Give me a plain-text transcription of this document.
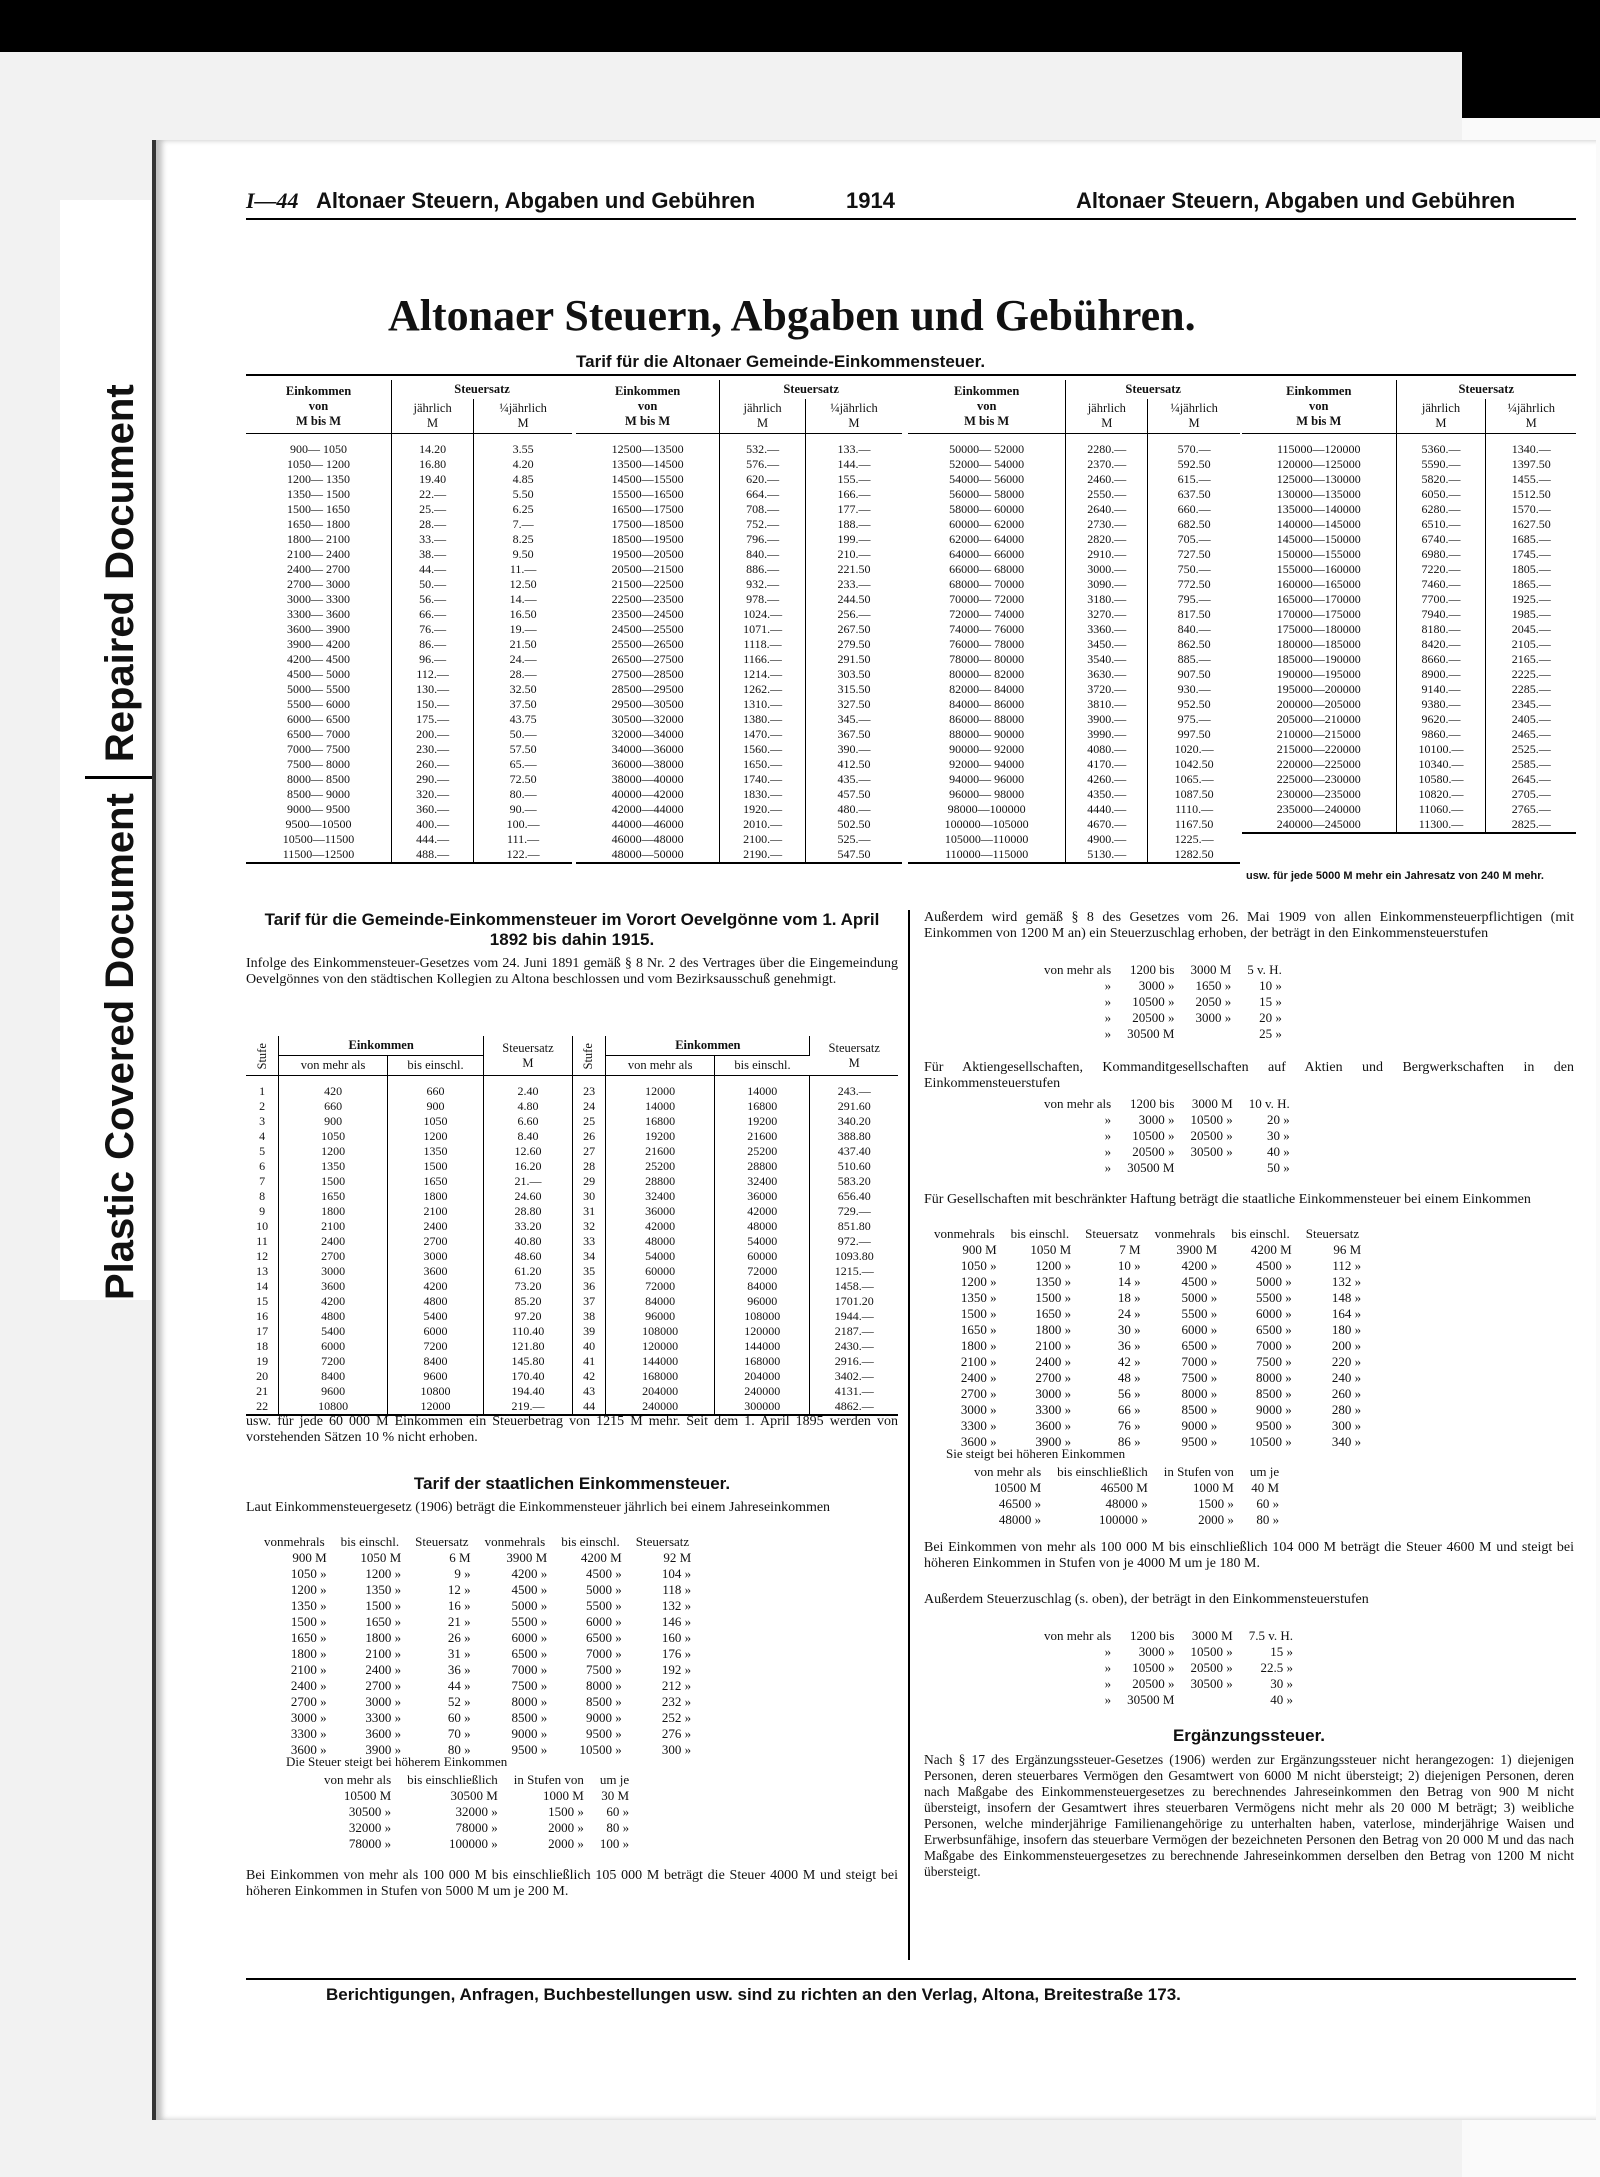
Plastic Covered Document
Repaired Document
I—44 Altonaer Steuern, Abgaben und Gebühren	1914	Altonaer Steuern, Abgaben und Gebühren
Altonaer Steuern, Abgaben und Gebühren.
Tarif für die Altonaer Gemeinde-Einkommensteuer.
Einkommen
von
M bis M	Steuersatz	
	jährlich
M	¼jährlich
M
900— 1050	14.20	3.55
1050— 1200	16.80	4.20
1200— 1350	19.40	4.85
1350— 1500	22.—	5.50
1500— 1650	25.—	6.25
1650— 1800	28.—	7.—
1800— 2100	33.—	8.25
2100— 2400	38.—	9.50
2400— 2700	44.—	11.—
2700— 3000	50.—	12.50
3000— 3300	56.—	14.—
3300— 3600	66.—	16.50
3600— 3900	76.—	19.—
3900— 4200	86.—	21.50
4200— 4500	96.—	24.—
4500— 5000	112.—	28.—
5000— 5500	130.—	32.50
5500— 6000	150.—	37.50
6000— 6500	175.—	43.75
6500— 7000	200.—	50.—
7000— 7500	230.—	57.50
7500— 8000	260.—	65.—
8000— 8500	290.—	72.50
8500— 9000	320.—	80.—
9000— 9500	360.—	90.—
9500—10500	400.—	100.—
10500—11500	444.—	111.—
11500—12500	488.—	122.—
Einkommen
von
M bis M	Steuersatz	
	jährlich
M	¼jährlich
M
12500—13500	532.—	133.—
13500—14500	576.—	144.—
14500—15500	620.—	155.—
15500—16500	664.—	166.—
16500—17500	708.—	177.—
17500—18500	752.—	188.—
18500—19500	796.—	199.—
19500—20500	840.—	210.—
20500—21500	886.—	221.50
21500—22500	932.—	233.—
22500—23500	978.—	244.50
23500—24500	1024.—	256.—
24500—25500	1071.—	267.50
25500—26500	1118.—	279.50
26500—27500	1166.—	291.50
27500—28500	1214.—	303.50
28500—29500	1262.—	315.50
29500—30500	1310.—	327.50
30500—32000	1380.—	345.—
32000—34000	1470.—	367.50
34000—36000	1560.—	390.—
36000—38000	1650.—	412.50
38000—40000	1740.—	435.—
40000—42000	1830.—	457.50
42000—44000	1920.—	480.—
44000—46000	2010.—	502.50
46000—48000	2100.—	525.—
48000—50000	2190.—	547.50
Einkommen
von
M bis M	Steuersatz	
	jährlich
M	¼jährlich
M
50000— 52000	2280.—	570.—
52000— 54000	2370.—	592.50
54000— 56000	2460.—	615.—
56000— 58000	2550.—	637.50
58000— 60000	2640.—	660.—
60000— 62000	2730.—	682.50
62000— 64000	2820.—	705.—
64000— 66000	2910.—	727.50
66000— 68000	3000.—	750.—
68000— 70000	3090.—	772.50
70000— 72000	3180.—	795.—
72000— 74000	3270.—	817.50
74000— 76000	3360.—	840.—
76000— 78000	3450.—	862.50
78000— 80000	3540.—	885.—
80000— 82000	3630.—	907.50
82000— 84000	3720.—	930.—
84000— 86000	3810.—	952.50
86000— 88000	3900.—	975.—
88000— 90000	3990.—	997.50
90000— 92000	4080.—	1020.—
92000— 94000	4170.—	1042.50
94000— 96000	4260.—	1065.—
96000— 98000	4350.—	1087.50
98000—100000	4440.—	1110.—
100000—105000	4670.—	1167.50
105000—110000	4900.—	1225.—
110000—115000	5130.—	1282.50
Einkommen
von
M bis M	Steuersatz	
	jährlich
M	¼jährlich
M
115000—120000	5360.—	1340.—
120000—125000	5590.—	1397.50
125000—130000	5820.—	1455.—
130000—135000	6050.—	1512.50
135000—140000	6280.—	1570.—
140000—145000	6510.—	1627.50
145000—150000	6740.—	1685.—
150000—155000	6980.—	1745.—
155000—160000	7220.—	1805.—
160000—165000	7460.—	1865.—
165000—170000	7700.—	1925.—
170000—175000	7940.—	1985.—
175000—180000	8180.—	2045.—
180000—185000	8420.—	2105.—
185000—190000	8660.—	2165.—
190000—195000	8900.—	2225.—
195000—200000	9140.—	2285.—
200000—205000	9380.—	2345.—
205000—210000	9620.—	2405.—
210000—215000	9860.—	2465.—
215000—220000	10100.—	2525.—
220000—225000	10340.—	2585.—
225000—230000	10580.—	2645.—
230000—235000	10820.—	2705.—
235000—240000	11060.—	2765.—
240000—245000	11300.—	2825.—
usw. für jede 5000 M mehr ein Jahresatz von 240 M mehr.
Tarif für die Gemeinde-Einkommensteuer im Vorort Oevelgönne vom 1. April 1892 bis dahin 1915.
Infolge des Einkommensteuer-Gesetzes vom 24. Juni 1891 gemäß § 8 Nr. 2 des Vertrages über die Eingemeindung Oevelgönnes von den städtischen Kollegien zu Altona beschlossen und vom Bezirksausschuß genehmigt.
Stufe	Einkommen		Steuersatz
M	Stufe	Einkommen		Steuersatz
M
	von mehr als	bis einschl.			von mehr als	bis einschl.	
1	420	660	2.40	23	12000	14000	243.—
2	660	900	4.80	24	14000	16800	291.60
3	900	1050	6.60	25	16800	19200	340.20
4	1050	1200	8.40	26	19200	21600	388.80
5	1200	1350	12.60	27	21600	25200	437.40
6	1350	1500	16.20	28	25200	28800	510.60
7	1500	1650	21.—	29	28800	32400	583.20
8	1650	1800	24.60	30	32400	36000	656.40
9	1800	2100	28.80	31	36000	42000	729.—
10	2100	2400	33.20	32	42000	48000	851.80
11	2400	2700	40.80	33	48000	54000	972.—
12	2700	3000	48.60	34	54000	60000	1093.80
13	3000	3600	61.20	35	60000	72000	1215.—
14	3600	4200	73.20	36	72000	84000	1458.—
15	4200	4800	85.20	37	84000	96000	1701.20
16	4800	5400	97.20	38	96000	108000	1944.—
17	5400	6000	110.40	39	108000	120000	2187.—
18	6000	7200	121.80	40	120000	144000	2430.—
19	7200	8400	145.80	41	144000	168000	2916.—
20	8400	9600	170.40	42	168000	204000	3402.—
21	9600	10800	194.40	43	204000	240000	4131.—
22	10800	12000	219.—	44	240000	300000	4862.—
usw. für jede 60 000 M Einkommen ein Steuerbetrag von 1215 M mehr. Seit dem 1. April 1895 werden von vorstehenden Sätzen 10 % nicht erhoben.
Tarif der staatlichen Einkommensteuer.
Laut Einkommensteuergesetz (1906) beträgt die Einkommensteuer jährlich bei einem Jahreseinkommen
vonmehrals	bis einschl.	Steuersatz	vonmehrals	bis einschl.	Steuersatz
900 M	1050 M	6 M	3900 M	4200 M	92 M
1050 »	1200 »	9 »	4200 »	4500 »	104 »
1200 »	1350 »	12 »	4500 »	5000 »	118 »
1350 »	1500 »	16 »	5000 »	5500 »	132 »
1500 »	1650 »	21 »	5500 »	6000 »	146 »
1650 »	1800 »	26 »	6000 »	6500 »	160 »
1800 »	2100 »	31 »	6500 »	7000 »	176 »
2100 »	2400 »	36 »	7000 »	7500 »	192 »
2400 »	2700 »	44 »	7500 »	8000 »	212 »
2700 »	3000 »	52 »	8000 »	8500 »	232 »
3000 »	3300 »	60 »	8500 »	9000 »	252 »
3300 »	3600 »	70 »	9000 »	9500 »	276 »
3600 »	3900 »	80 »	9500 »	10500 »	300 »
Die Steuer steigt bei höherem Einkommen
von mehr als	bis einschließlich	in Stufen von	um je
10500 M	30500 M	1000 M	30 M
30500 »	32000 »	1500 »	60 »
32000 »	78000 »	2000 »	80 »
78000 »	100000 »	2000 »	100 »
Bei Einkommen von mehr als 100 000 M bis einschließlich 105 000 M beträgt die Steuer 4000 M und steigt bei höheren Einkommen in Stufen von 5000 M um je 200 M.
Außerdem wird gemäß § 8 des Gesetzes vom 26. Mai 1909 von allen Einkommensteuerpflichtigen (mit Einkommen von 1200 M an) ein Steuerzuschlag erhoben, der beträgt in den Einkommensteuerstufen
von mehr als	1200 bis	3000 M	5 v. H.
»	3000 »	1650 »	10 »
»	10500 »	2050 »	15 »
»	20500 »	3000 »	20 »
»	30500 M		25 »
Für Aktiengesellschaften, Kommanditgesellschaften auf Aktien und Bergwerkschaften in den Einkommensteuerstufen
von mehr als	1200 bis	3000 M	10 v. H.
»	3000 »	10500 »	20 »
»	10500 »	20500 »	30 »
»	20500 »	30500 »	40 »
»	30500 M		50 »
Für Gesellschaften mit beschränkter Haftung beträgt die staatliche Einkommensteuer bei einem Einkommen
vonmehrals	bis einschl.	Steuersatz	vonmehrals	bis einschl.	Steuersatz
900 M	1050 M	7 M	3900 M	4200 M	96 M
1050 »	1200 »	10 »	4200 »	4500 »	112 »
1200 »	1350 »	14 »	4500 »	5000 »	132 »
1350 »	1500 »	18 »	5000 »	5500 »	148 »
1500 »	1650 »	24 »	5500 »	6000 »	164 »
1650 »	1800 »	30 »	6000 »	6500 »	180 »
1800 »	2100 »	36 »	6500 »	7000 »	200 »
2100 »	2400 »	42 »	7000 »	7500 »	220 »
2400 »	2700 »	48 »	7500 »	8000 »	240 »
2700 »	3000 »	56 »	8000 »	8500 »	260 »
3000 »	3300 »	66 »	8500 »	9000 »	280 »
3300 »	3600 »	76 »	9000 »	9500 »	300 »
3600 »	3900 »	86 »	9500 »	10500 »	340 »
Sie steigt bei höheren Einkommen
von mehr als	bis einschließlich	in Stufen von	um je
10500 M	46500 M	1000 M	40 M
46500 »	48000 »	1500 »	60 »
48000 »	100000 »	2000 »	80 »
Bei Einkommen von mehr als 100 000 M bis einschließlich 104 000 M beträgt die Steuer 4600 M und steigt bei höheren Einkommen in Stufen von je 4000 M um je 180 M.
Außerdem Steuerzuschlag (s. oben), der beträgt in den Einkommensteuerstufen
von mehr als	1200 bis	3000 M	7.5 v. H.
»	3000 »	10500 »	15 »
»	10500 »	20500 »	22.5 »
»	20500 »	30500 »	30 »
»	30500 M		40 »
Ergänzungssteuer.
Nach § 17 des Ergänzungssteuer-Gesetzes (1906) werden zur Ergänzungssteuer nicht herangezogen: 1) diejenigen Personen, deren steuerbares Vermögen den Gesamtwert von 6000 M nicht übersteigt; 2) diejenigen Personen, deren nach Maßgabe des Einkommensteuergesetzes zu berechnendes Jahreseinkommen den Betrag von 900 M nicht übersteigt, insofern der Gesamtwert ihres steuerbaren Vermögens nicht mehr als 20 000 M beträgt; 3) weibliche Personen, welche minderjährige Familienangehörige zu unterhalten haben, vaterlose, minderjährige Waisen und Erwerbsunfähige, insofern das steuerbare Vermögen der bezeichneten Personen den Betrag von 20 000 M und das nach Maßgabe des Einkommensteuergesetzes zu berechnende Jahreseinkommen derselben den Betrag von 1200 M nicht übersteigt.
Berichtigungen, Anfragen, Buchbestellungen usw. sind zu richten an den Verlag, Altona, Breitestraße 173.
